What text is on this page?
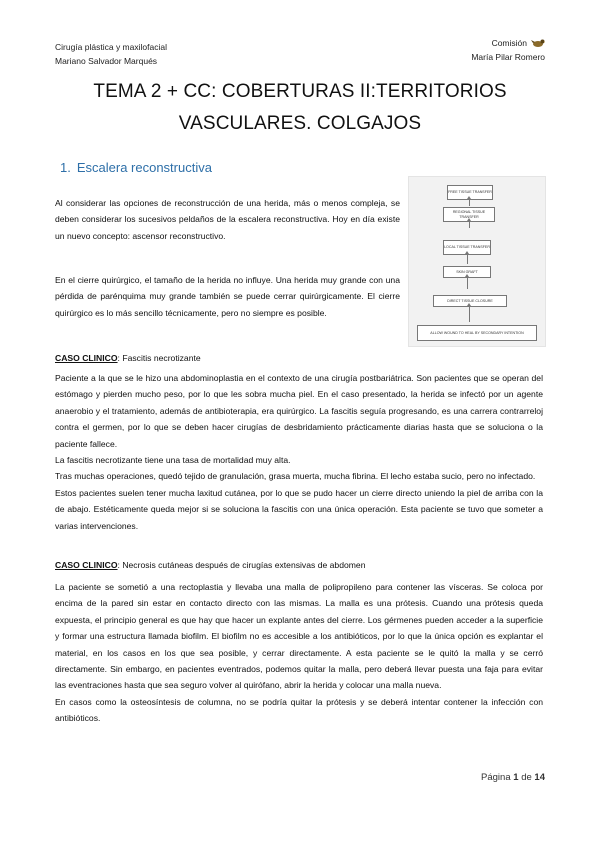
Cirugía plástica y maxilofacial
Mariano Salvador Marqués
Comisión
María Pilar Romero
TEMA 2 + CC: COBERTURAS II:TERRITORIOS
VASCULARES. COLGAJOS
1. Escalera reconstructiva

Al considerar las opciones de reconstrucción de una herida, más o menos compleja, se deben considerar los sucesivos peldaños de la escalera reconstructiva. Hoy en día existe un nuevo concepto: ascensor reconstructivo.

En el cierre quirúrgico, el tamaño de la herida no influye. Una herida muy grande con una pérdida de parénquima muy grande también se puede cerrar quirúrgicamente. El cierre quirúrgico es lo más sencillo técnicamente, pero no siempre es posible.

FREE TISSUE TRANSFER
REGIONAL TISSUE TRANSFER
LOCAL TISSUE TRANSFER
SKIN GRAFT
DIRECT TISSUE CLOSURE
ALLOW WOUND TO HEAL BY SECONDARY INTENTION
CASO CLINICO: Fascitis necrotizante

Paciente a la que se le hizo una abdominoplastia en el contexto de una cirugía postbariátrica. Son pacientes que se operan del estómago y pierden mucho peso, por lo que les sobra mucha piel. En el caso presentado, la herida se infectó por un agente anaerobio y el tratamiento, además de antibioterapia, era quirúrgico. La fascitis seguía progresando, es una carrera contrarreloj contra el germen, por lo que se deben hacer cirugías de desbridamiento prácticamente diarias hasta que se soluciona o la paciente fallece.

La fascitis necrotizante tiene una tasa de mortalidad muy alta.

Tras muchas operaciones, quedó tejido de granulación, grasa muerta, mucha fibrina. El lecho estaba sucio, pero no infectado.

Estos pacientes suelen tener mucha laxitud cutánea, por lo que se pudo hacer un cierre directo uniendo la piel de arriba con la de abajo. Estéticamente queda mejor si se soluciona la fascitis con una única operación. Esta paciente se tuvo que someter a varias intervenciones.

CASO CLINICO: Necrosis cutáneas después de cirugías extensivas de abdomen

La paciente se sometió a una rectoplastia y llevaba una malla de polipropileno para contener las vísceras. Se coloca por encima de la pared sin estar en contacto directo con las mismas. La malla es una prótesis. Cuando una prótesis queda expuesta, el principio general es que hay que hacer un explante antes del cierre. Los gérmenes pueden acceder a la superficie y formar una estructura llamada biofilm. El biofilm no es accesible a los antibióticos, por lo que la única opción es explantar el material, en los casos en los que sea posible, y cerrar directamente. A esta paciente se le quitó la malla y se cerró directamente. Sin embargo, en pacientes eventrados, podemos quitar la malla, pero deberá llevar puesta una faja para evitar las eventraciones hasta que sea seguro volver al quirófano, abrir la herida y colocar una malla nueva.

En casos como la osteosíntesis de columna, no se podría quitar la prótesis y se deberá intentar contener la infección con antibióticos.

Página 1 de 14
